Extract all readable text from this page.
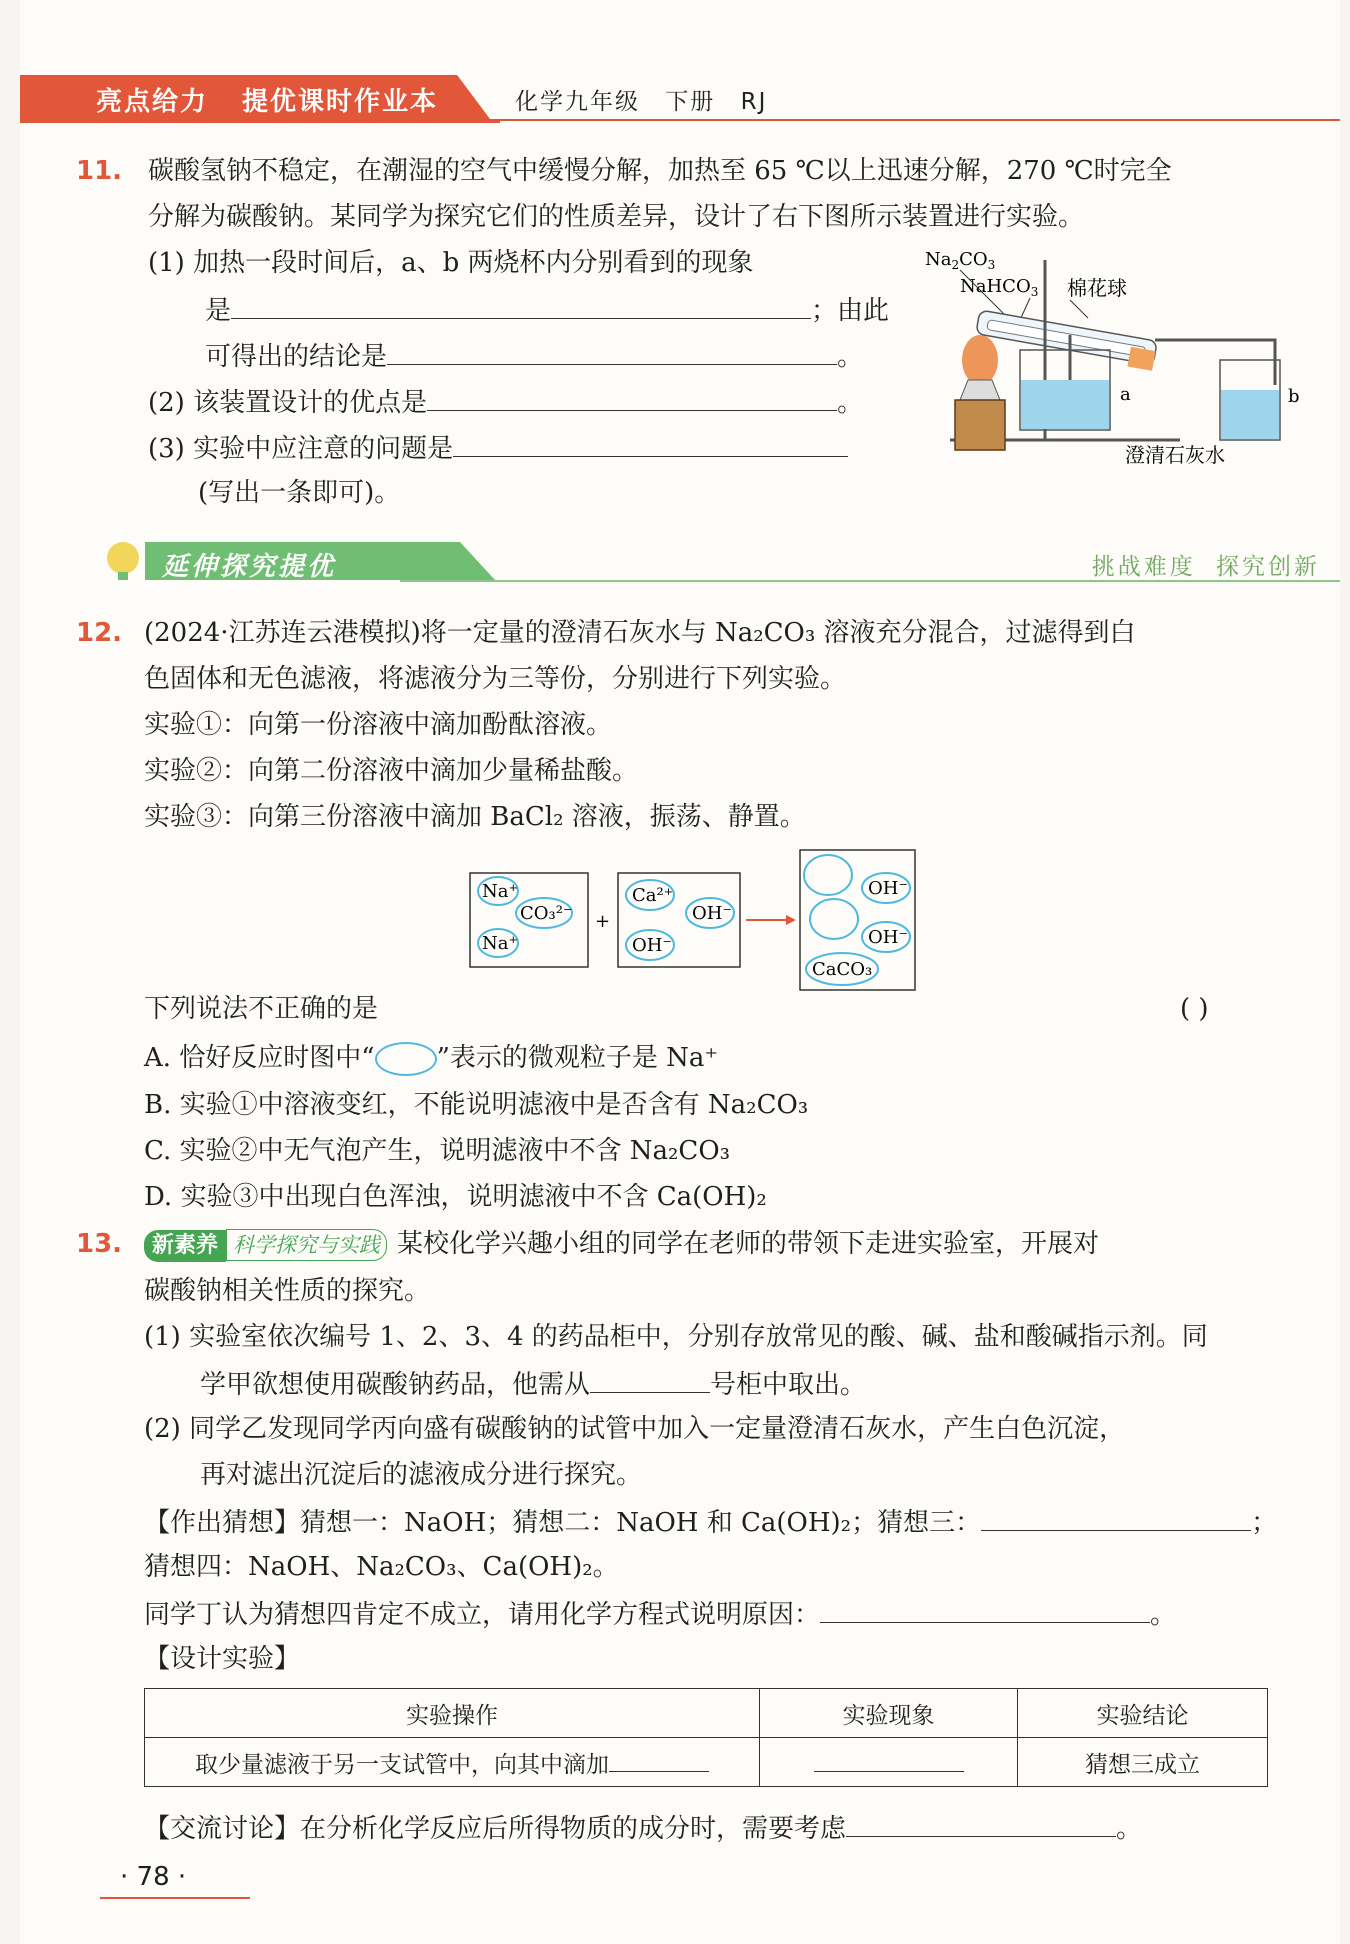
亮点给力 提优课时作业本	化学九年级 下册 RJ
11. 碳酸氢钠不稳定，在潮湿的空气中缓慢分解，加热至 65 ℃以上迅速分解，270 ℃时完全
分解为碳酸钠。某同学为探究它们的性质差异，设计了右下图所示装置进行实验。
(1) 加热一段时间后，a、b 两烧杯内分别看到的现象
是	；由此
可得出的结论是	。
(2) 该装置设计的优点是	。
(3) 实验中应注意的问题是
(写出一条即可)。
$Na_2CO_3$
NaHCO$_3$ 棉花球
a	b
澄清石灰水
延伸探究提优	挑战难度 探究创新
12. (2024·江苏连云港模拟)将一定量的澄清石灰水与 Na₂CO₃ 溶液充分混合，过滤得到白
色固体和无色滤液，将滤液分为三等份，分别进行下列实验。
实验①：向第一份溶液中滴加酚酞溶液。
实验②：向第二份溶液中滴加少量稀盐酸。
实验③：向第三份溶液中滴加 BaCl₂ 溶液，振荡、静置。
Na⁺
CO₃²⁻
Na⁺
+
Ca²⁺
OH⁻
OH⁻
OH⁻
OH⁻
CaCO₃
下列说法不正确的是	( )
A. 恰好反应时图中“ ”表示的微观粒子是 Na⁺
B. 实验①中溶液变红，不能说明滤液中是否含有 Na₂CO₃
C. 实验②中无气泡产生，说明滤液中不含 Na₂CO₃
D. 实验③中出现白色浑浊，说明滤液中不含 Ca(OH)₂
13.	新素养 科学探究与实践 某校化学兴趣小组的同学在老师的带领下走进实验室，开展对
碳酸钠相关性质的探究。
(1) 实验室依次编号 1、2、3、4 的药品柜中，分别存放常见的酸、碱、盐和酸碱指示剂。同
学甲欲想使用碳酸钠药品，他需从	号柜中取出。
(2) 同学乙发现同学丙向盛有碳酸钠的试管中加入一定量澄清石灰水，产生白色沉淀，
再对滤出沉淀后的滤液成分进行探究。
【作出猜想】猜想一：NaOH；猜想二：NaOH 和 Ca(OH)₂；猜想三：	；
猜想四：NaOH、Na₂CO₃、Ca(OH)₂。
同学丁认为猜想四肯定不成立，请用化学方程式说明原因：	。
【设计实验】
实验操作	实验现象	实验结论
取少量滤液于另一支试管中，向其中滴加		猜想三成立
【交流讨论】在分析化学反应后所得物质的成分时，需要考虑	。
· 78 ·
